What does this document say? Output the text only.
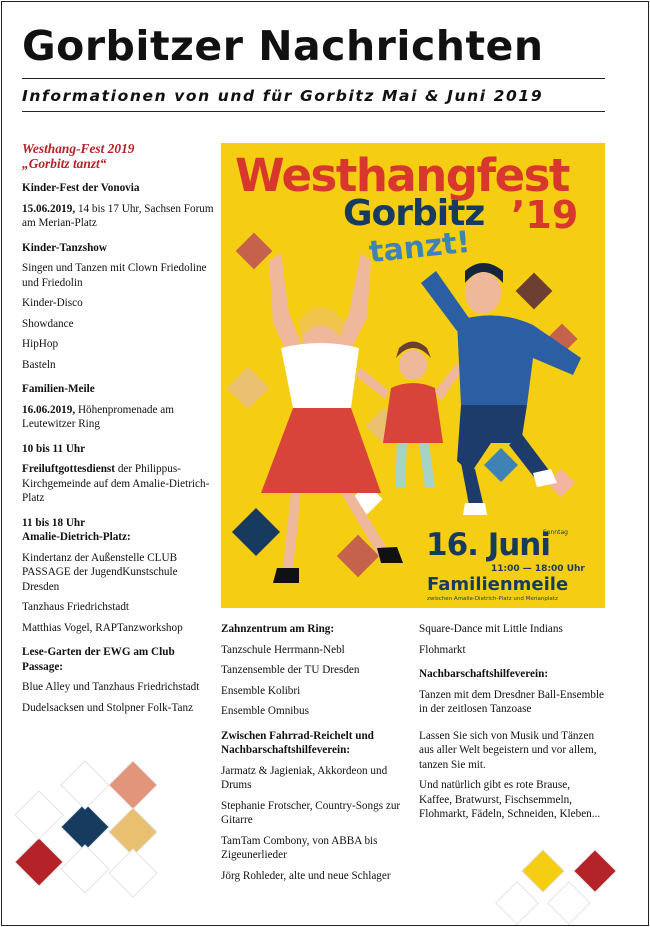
Gorbitzer Nachrichten
Informationen von und für Gorbitz Mai & Juni 2019
Westhang-Fest 2019
„Gorbitz tanzt“
Kinder-Fest der Vonovia

15.06.2019, 14 bis 17 Uhr, Sachsen Forum am Merian-Platz

Kinder-Tanzshow

Singen und Tanzen mit Clown Friedoline und Friedolin

Kinder-Disco

Showdance

HipHop

Basteln

Familien-Meile

16.06.2019, Höhenpromenade am Leutewitzer Ring

10 bis 11 Uhr

Freiluftgottesdienst der Philippus-Kirchgemeinde auf dem Amalie-Dietrich-Platz

11 bis 18 Uhr
Amalie-Dietrich-Platz:

Kindertanz der Außenstelle CLUB PASSAGE der JugendKunstschule Dresden

Tanzhaus Friedrichstadt

Matthias Vogel, RAPTanzworkshop

Lese-Garten der EWG am Club Passage:

Blue Alley und Tanzhaus Friedrichstadt

Dudelsacksen und Stolpner Folk-Tanz

Westhangfest
Gorbitz
tanzt!
’19
Sonntag
16. Juni
11:00 — 18:00 Uhr
Familienmeile
zwischen Amalie-Dietrich-Platz und Merianplatz
Zahnzentrum am Ring:

Tanzschule Herrmann-Nebl

Tanzensemble der TU Dresden

Ensemble Kolibri

Ensemble Omnibus

Zwischen Fahrrad-Reichelt und Nachbarschaftshilfeverein:

Jarmatz & Jagieniak, Akkordeon und Drums

Stephanie Frotscher, Country-Songs zur Gitarre

TamTam Combony, von ABBA bis Zigeunerlieder

Jörg Rohleder, alte und neue Schlager

Square-Dance mit Little Indians

Flohmarkt

Nachbarschaftshilfeverein:

Tanzen mit dem Dresdner Ball-Ensemble in der zeitlosen Tanzoase

Lassen Sie sich von Musik und Tänzen aus aller Welt begeistern und vor allem, tanzen Sie mit.

Und natürlich gibt es rote Brause, Kaffee, Bratwurst, Fischsemmeln, Flohmarkt, Fädeln, Schneiden, Kleben...
